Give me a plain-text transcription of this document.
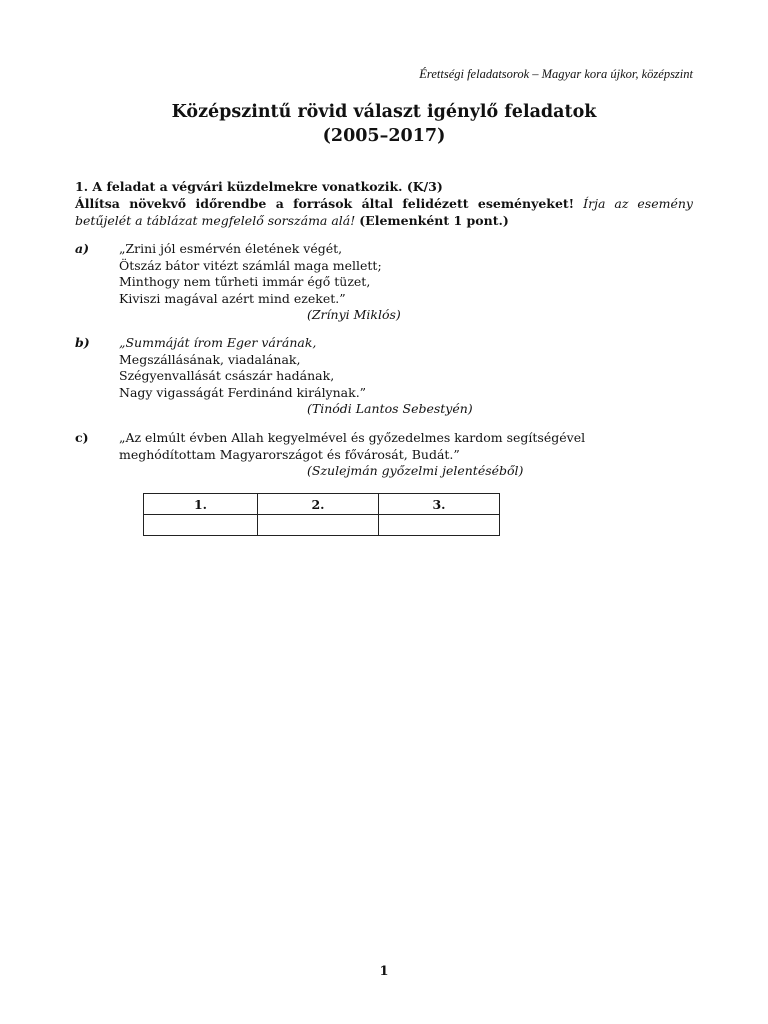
Érettségi feladatsorok – Magyar kora újkor, középszint
Középszintű rövid választ igénylő feladatok
(2005–2017)
1. A feladat a végvári küzdelmekre vonatkozik. (K/3)
Állítsa növekvő időrendbe a források által felidézett eseményeket! Írja az esemény betűjelét a táblázat megfelelő sorszáma alá! (Elemenként 1 pont.)
a) „Zrini jól esmérvén életének végét,
Ötszáz bátor vitézt számlál maga mellett;
Minthogy nem tűrheti immár égő tüzet,
Kiviszi magával azért mind ezeket.”
(Zrínyi Miklós)
b) „Summáját írom Eger várának,
Megszállásának, viadalának,
Szégyenvallását császár hadának,
Nagy vigasságát Ferdinánd királynak.”
(Tinódi Lantos Sebestyén)
c) „Az elmúlt évben Allah kegyelmével és győzedelmes kardom segítségével
meghódítottam Magyarországot és fővárosát, Budát.”
(Szulejmán győzelmi jelentéséből)
1.	2.	3.

1
